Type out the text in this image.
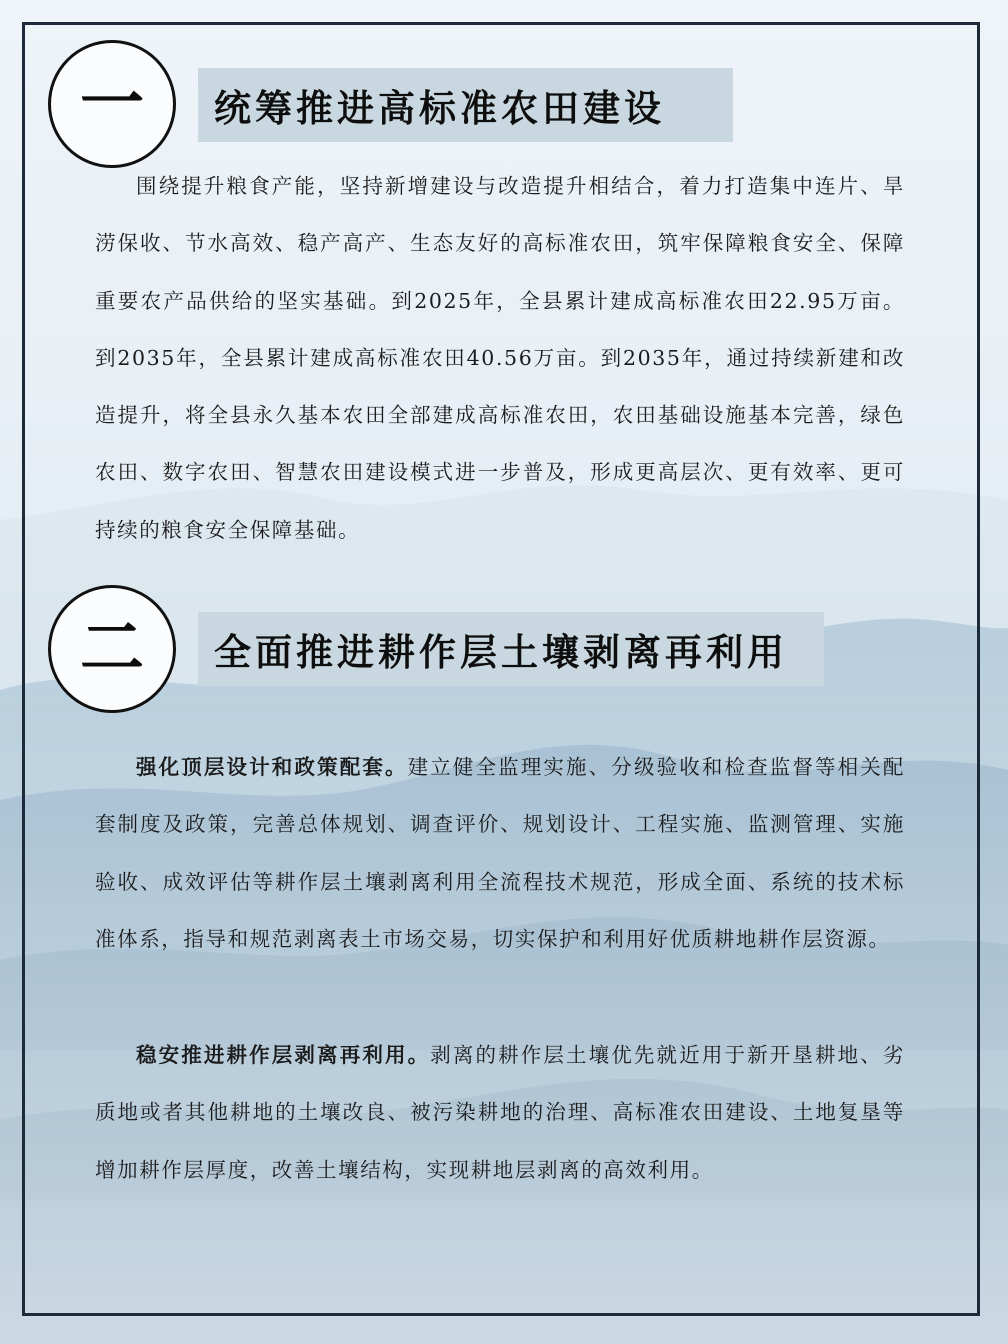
统筹推进高标准农田建设
一

围绕提升粮食产能，坚持新增建设与改造提升相结合，着力打造集中连片、旱涝保收、节水高效、稳产高产、生态友好的高标准农田，筑牢保障粮食安全、保障重要农产品供给的坚实基础。到2025年，全县累计建成高标准农田22.95万亩。到2035年，全县累计建成高标准农田40.56万亩。到2035年，通过持续新建和改造提升，将全县永久基本农田全部建成高标准农田，农田基础设施基本完善，绿色农田、数字农田、智慧农田建设模式进一步普及，形成更高层次、更有效率、更可持续的粮食安全保障基础。

全面推进耕作层土壤剥离再利用
二

强化顶层设计和政策配套。建立健全监理实施、分级验收和检查监督等相关配套制度及政策，完善总体规划、调查评价、规划设计、工程实施、监测管理、实施验收、成效评估等耕作层土壤剥离利用全流程技术规范，形成全面、系统的技术标准体系，指导和规范剥离表土市场交易，切实保护和利用好优质耕地耕作层资源。

稳安推进耕作层剥离再利用。剥离的耕作层土壤优先就近用于新开垦耕地、劣质地或者其他耕地的土壤改良、被污染耕地的治理、高标准农田建设、土地复垦等增加耕作层厚度，改善土壤结构，实现耕地层剥离的高效利用。
